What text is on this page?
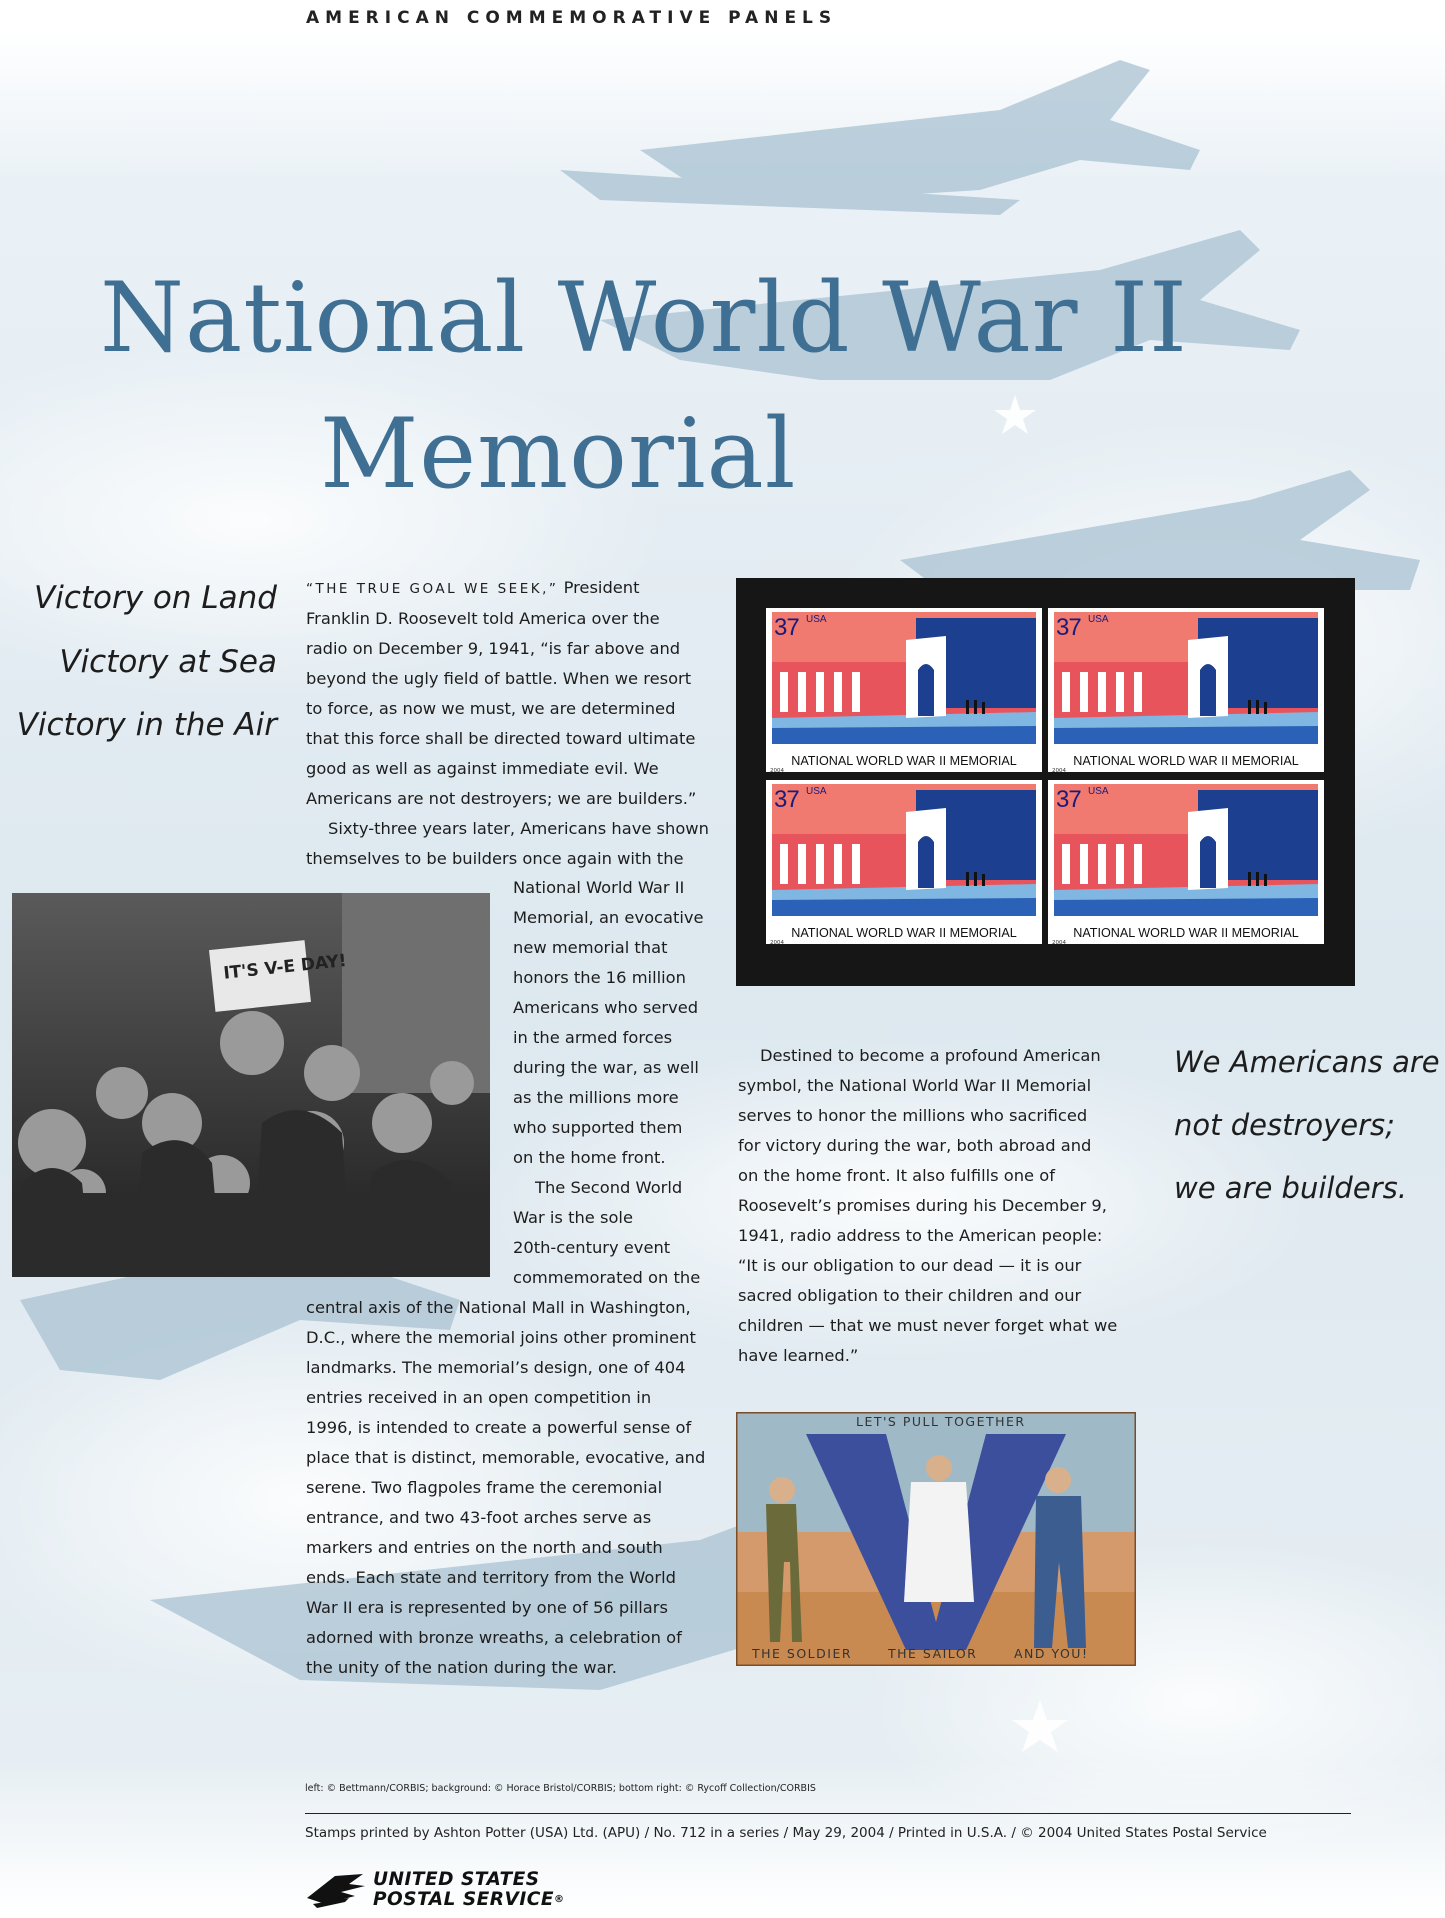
AMERICAN COMMEMORATIVE PANELS
National World War II
Memorial
Victory on Land
Victory at Sea
Victory in the Air

“THE TRUE GOAL WE SEEK,” President

Franklin D. Roosevelt told America over the

radio on December 9, 1941, “is far above and

beyond the ugly field of battle. When we resort

to force, as now we must, we are determined

that this force shall be directed toward ultimate

good as well as against immediate evil. We

Americans are not destroyers; we are builders.”

Sixty-three years later, Americans have shown

themselves to be builders once again with the

National World War II

Memorial, an evocative

new memorial that

honors the 16 million

Americans who served

in the armed forces

during the war, as well

as the millions more

who supported them

on the home front.

The Second World

War is the sole

20th-century event

commemorated on the

central axis of the National Mall in Washington,

D.C., where the memorial joins other prominent

landmarks. The memorial’s design, one of 404

entries received in an open competition in

1996, is intended to create a powerful sense of

place that is distinct, memorable, evocative, and

serene. Two flagpoles frame the ceremonial

entrance, and two 43-foot arches serve as

markers and entries on the north and south

ends. Each state and territory from the World

War II era is represented by one of 56 pillars

adorned with bronze wreaths, a celebration of

the unity of the nation during the war.

Destined to become a profound American

symbol, the National World War II Memorial

serves to honor the millions who sacrificed

for victory during the war, both abroad and

on the home front. It also fulfills one of

Roosevelt’s promises during his December 9,

1941, radio address to the American people:

“It is our obligation to our dead — it is our

sacred obligation to their children and our

children — that we must never forget what we

have learned.”

We Americans are
not destroyers;
we are builders.
37 USA
NATIONAL WORLD WAR II MEMORIAL
2004
37 USA
NATIONAL WORLD WAR II MEMORIAL
2004
37 USA
NATIONAL WORLD WAR II MEMORIAL
2004
37 USA
NATIONAL WORLD WAR II MEMORIAL
2004
IT'S V-E DAY!
LET'S PULL TOGETHER
THE SOLDIER	THE SAILOR	AND YOU!
left: © Bettmann/CORBIS; background: © Horace Bristol/CORBIS; bottom right: © Rycoff Collection/CORBIS
Stamps printed by Ashton Potter (USA) Ltd. (APU) / No. 712 in a series / May 29, 2004 / Printed in U.S.A. / © 2004 United States Postal Service
UNITED STATES
POSTAL SERVICE®
